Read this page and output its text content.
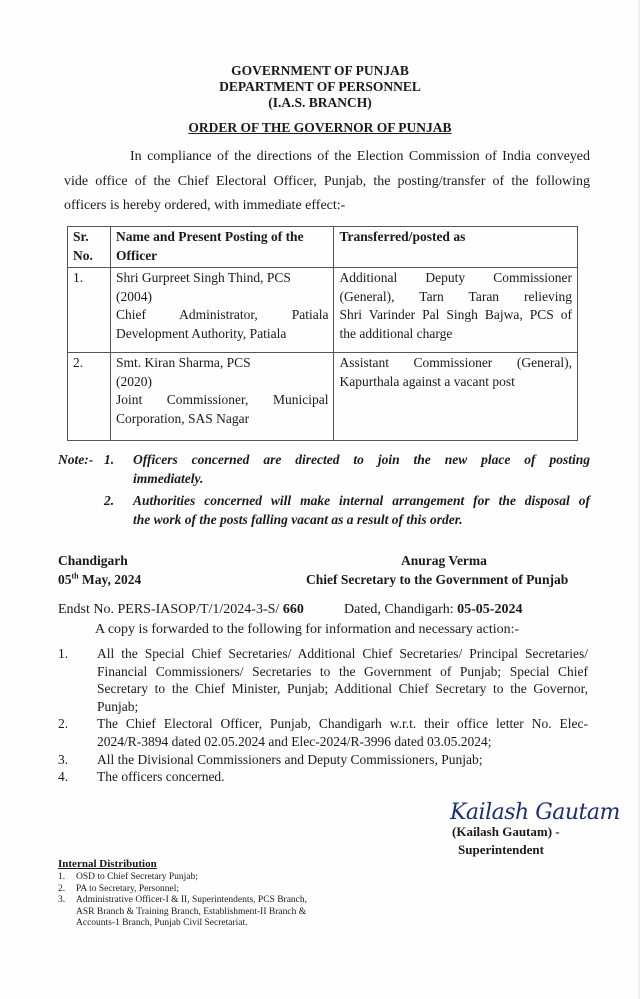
GOVERNMENT OF PUNJAB
DEPARTMENT OF PERSONNEL
(I.A.S. BRANCH)
ORDER OF THE GOVERNOR OF PUNJAB
In compliance of the directions of the Election Commission of India conveyed
vide office of the Chief Electoral Officer, Punjab, the posting/transfer of the following
officers is hereby ordered, with immediate effect:-
Sr.
No.	Name and Present Posting of the
Officer	Transferred/posted as

1.	Shri Gurpreet Singh Thind, PCS
(2004)
Chief Administrator, Patiala
Development Authority, Patiala	Additional Deputy Commissioner
(General), Tarn Taran relieving
Shri Varinder Pal Singh Bajwa, PCS of
the additional charge

2.	Smt. Kiran Sharma, PCS
(2020)
Joint Commissioner, Municipal
Corporation, SAS Nagar	Assistant Commissioner (General),
Kapurthala against a vacant post
Note:- 1. Officers concerned are directed to join the new place of posting
immediately.
2. Authorities concerned will make internal arrangement for the disposal of
the work of the posts falling vacant as a result of this order.
Chandigarh
05th May, 2024
Anurag Verma
Chief Secretary to the Government of Punjab
Endst No. PERS-IASOP/T/1/2024-3-S/ 660	Dated, Chandigarh: 05-05-2024
A copy is forwarded to the following for information and necessary action:-
1. All the Special Chief Secretaries/ Additional Chief Secretaries/ Principal Secretaries/
Financial Commissioners/ Secretaries to the Government of Punjab; Special Chief
Secretary to the Chief Minister, Punjab; Additional Chief Secretary to the Governor,
Punjab;
2. The Chief Electoral Officer, Punjab, Chandigarh w.r.t. their office letter No. Elec-
2024/R-3894 dated 02.05.2024 and Elec-2024/R-3996 dated 03.05.2024;
3. All the Divisional Commissioners and Deputy Commissioners, Punjab;
4. The officers concerned.
Kailash Gautam
(Kailash Gautam) -
Superintendent
Internal Distribution
1. OSD to Chief Secretary Punjab;
2. PA to Secretary, Personnel;
3. Administrative Officer-I & II, Superintendents, PCS Branch,
ASR Branch & Training Branch, Establishment-II Branch &
Accounts-1 Branch, Punjab Civil Secretariat.
